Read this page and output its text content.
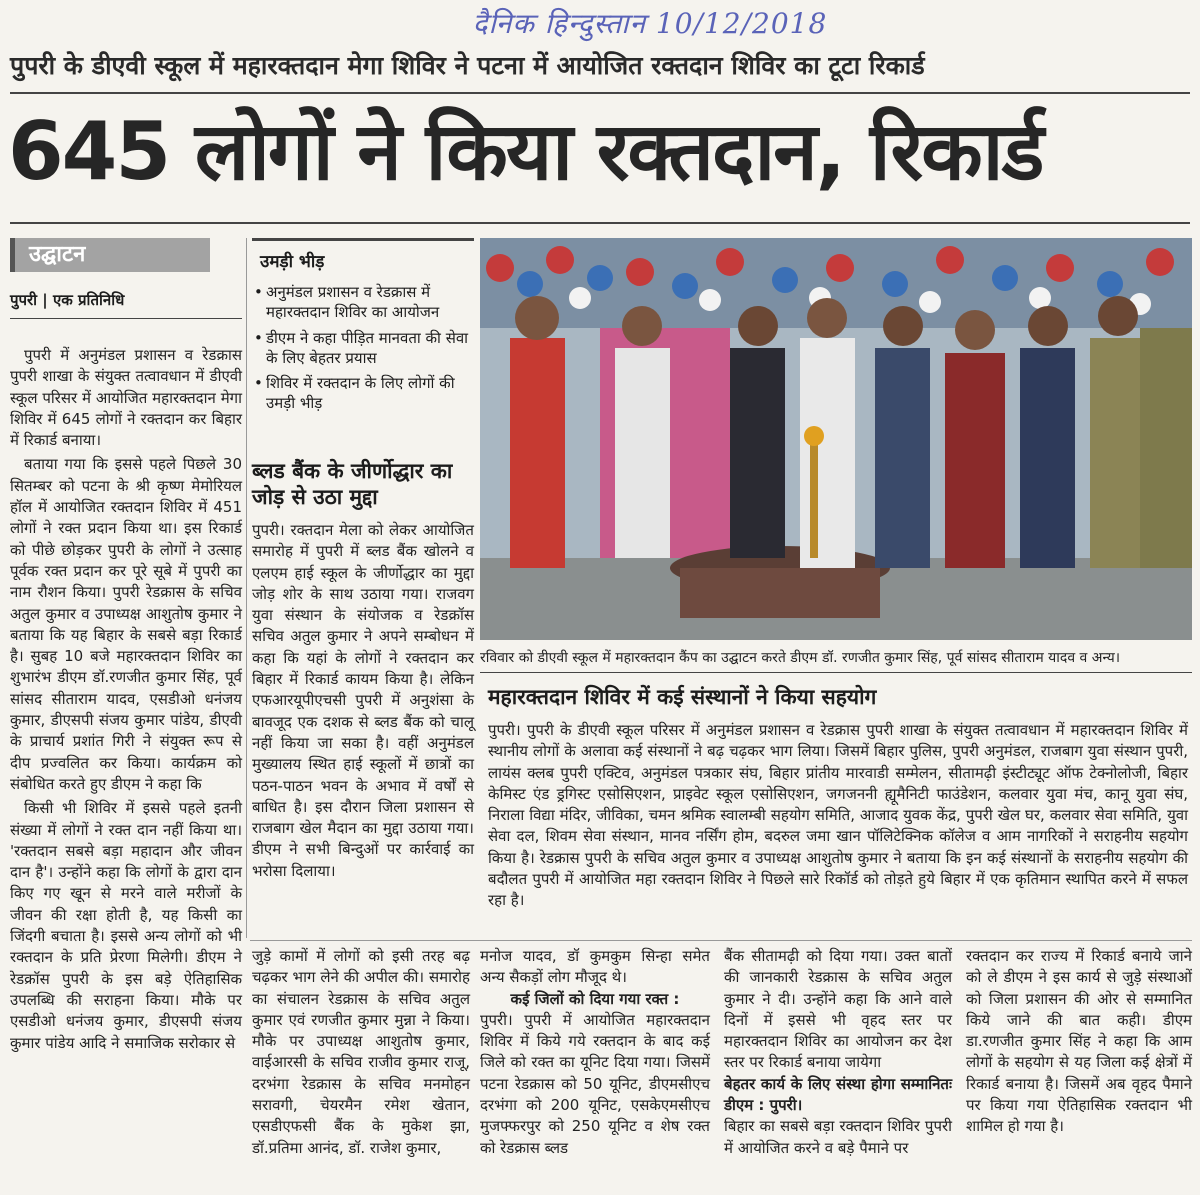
दैनिक हिन्दुस्तान 10/12/2018
पुपरी के डीएवी स्कूल में महारक्तदान मेगा शिविर ने पटना में आयोजित रक्तदान शिविर का टूटा रिकार्ड
645 लोगों ने किया रक्तदान, रिकार्ड
उद्घाटन
पुपरी | एक प्रतिनिधि

पुपरी में अनुमंडल प्रशासन व रेडक्रास पुपरी शाखा के संयुक्त तत्वावधान में डीएवी स्कूल परिसर में आयोजित महारक्तदान मेगा शिविर में 645 लोगों ने रक्तदान कर बिहार में रिकार्ड बनाया।

बताया गया कि इससे पहले पिछले 30 सितम्बर को पटना के श्री कृष्ण मेमोरियल हॉल में आयोजित रक्तदान शिविर में 451 लोगों ने रक्त प्रदान किया था। इस रिकार्ड को पीछे छोड़कर पुपरी के लोगों ने उत्साह पूर्वक रक्त प्रदान कर पूरे सूबे में पुपरी का नाम रौशन किया। पुपरी रेडक्रास के सचिव अतुल कुमार व उपाध्यक्ष आशुतोष कुमार ने बताया कि यह बिहार के सबसे बड़ा रिकार्ड है। सुबह 10 बजे महारक्तदान शिविर का शुभारंभ डीएम डॉ.रणजीत कुमार सिंह, पूर्व सांसद सीताराम यादव, एसडीओ धनंजय कुमार, डीएसपी संजय कुमार पांडेय, डीएवी के प्राचार्य प्रशांत गिरी ने संयुक्त रूप से दीप प्रज्वलित कर किया। कार्यक्रम को संबोधित करते हुए डीएम ने कहा कि

किसी भी शिविर में इससे पहले इतनी संख्या में लोगों ने रक्त दान नहीं किया था। 'रक्तदान सबसे बड़ा महादान और जीवन दान है'। उन्होंने कहा कि लोगों के द्वारा दान किए गए खून से मरने वाले मरीजों के जीवन की रक्षा होती है, यह किसी का जिंदगी बचाता है। इससे अन्य लोगों को भी रक्तदान के प्रति प्रेरणा मिलेगी। डीएम ने रेडक्रॉस पुपरी के इस बड़े ऐतिहासिक उपलब्धि की सराहना किया। मौके पर एसडीओ धनंजय कुमार, डीएसपी संजय कुमार पांडेय आदि ने समाजिक सरोकार से

उमड़ी भीड़
• अनुमंडल प्रशासन व रेडक्रास में महारक्तदान शिविर का आयोजन
• डीएम ने कहा पीड़ित मानवता की सेवा के लिए बेहतर प्रयास
• शिविर में रक्तदान के लिए लोगों की उमड़ी भीड़
ब्लड बैंक के जीर्णोद्धार का जोड़ से उठा मुद्दा
पुपरी। रक्तदान मेला को लेकर आयोजित समारोह में पुपरी में ब्लड बैंक खोलने व एलएम हाई स्कूल के जीर्णोद्धार का मुद्दा जोड़ शोर के साथ उठाया गया। राजवग युवा संस्थान के संयोजक व रेडक्रॉस सचिव अतुल कुमार ने अपने सम्बोधन में कहा कि यहां के लोगों ने रक्तदान कर बिहार में रिकार्ड कायम किया है। लेकिन एफआरयूपीएचसी पुपरी में अनुशंसा के बावजूद एक दशक से ब्लड बैंक को चालू नहीं किया जा सका है। वहीं अनुमंडल मुख्यालय स्थित हाई स्कूलों में छात्रों का पठन-पाठन भवन के अभाव में वर्षों से बाधित है। इस दौरान जिला प्रशासन से राजबाग खेल मैदान का मुद्दा उठाया गया। डीएम ने सभी बिन्दुओं पर कार्रवाई का भरोसा दिलाया।
रविवार को डीएवी स्कूल में महारक्तदान कैंप का उद्घाटन करते डीएम डॉ. रणजीत कुमार सिंह, पूर्व सांसद सीताराम यादव व अन्य।
महारक्तदान शिविर में कई संस्थानों ने किया सहयोग
पुपरी। पुपरी के डीएवी स्कूल परिसर में अनुमंडल प्रशासन व रेडक्रास पुपरी शाखा के संयुक्त तत्वावधान में महारक्तदान शिविर में स्थानीय लोगों के अलावा कई संस्थानों ने बढ़ चढ़कर भाग लिया। जिसमें बिहार पुलिस, पुपरी अनुमंडल, राजबाग युवा संस्थान पुपरी, लायंस क्लब पुपरी एक्टिव, अनुमंडल पत्रकार संघ, बिहार प्रांतीय मारवाडी सम्मेलन, सीतामढ़ी इंस्टीट्यूट ऑफ टेक्नोलोजी, बिहार केमिस्ट एंड ड्रगिस्ट एसोसिएशन, प्राइवेट स्कूल एसोसिएशन, जगजननी ह्यूमैनिटी फाउंडेशन, कलवार युवा मंच, कानू युवा संघ, निराला विद्या मंदिर, जीविका, चमन श्रमिक स्वालम्बी सहयोग समिति, आजाद युवक केंद्र, पुपरी खेल घर, कलवार सेवा समिति, युवा सेवा दल, शिवम सेवा संस्थान, मानव नर्सिंग होम, बदरुल जमा खान पॉलिटेक्निक कॉलेज व आम नागरिकों ने सराहनीय सहयोग किया है। रेडक्रास पुपरी के सचिव अतुल कुमार व उपाध्यक्ष आशुतोष कुमार ने बताया कि इन कई संस्थानों के सराहनीय सहयोग की बदौलत पुपरी में आयोजित महा रक्तदान शिविर ने पिछले सारे रिकॉर्ड को तोड़ते हुये बिहार में एक कृतिमान स्थापित करने में सफल रहा है।
जुड़े कामों में लोगों को इसी तरह बढ़ चढ़कर भाग लेने की अपील की। समारोह का संचालन रेडक्रास के सचिव अतुल कुमार एवं रणजीत कुमार मुन्ना ने किया। मौके पर उपाध्यक्ष आशुतोष कुमार, वाईआरसी के सचिव राजीव कुमार राजू, दरभंगा रेडक्रास के सचिव मनमोहन सरावगी, चेयरमैन रमेश खेतान, एसडीएफसी बैंक के मुकेश झा, डॉ.प्रतिमा आनंद, डॉ. राजेश कुमार,
मनोज यादव, डॉ कुमकुम सिन्हा समेत अन्य सैकड़ों लोग मौजूद थे।
कई जिलों को दिया गया रक्त :
पुपरी। पुपरी में आयोजित महारक्तदान शिविर में किये गये रक्तदान के बाद कई जिले को रक्त का यूनिट दिया गया। जिसमें पटना रेडक्रास को 50 यूनिट, डीएमसीएच दरभंगा को 200 यूनिट, एसकेएमसीएच मुजफ्फरपुर को 250 यूनिट व शेष रक्त को रेडक्रास ब्लड
बैंक सीतामढ़ी को दिया गया। उक्त बातों की जानकारी रेडक्रास के सचिव अतुल कुमार ने दी। उन्होंने कहा कि आने वाले दिनों में इससे भी वृहद स्तर पर महारक्तदान शिविर का आयोजन कर देश स्तर पर रिकार्ड बनाया जायेगा
बेहतर कार्य के लिए संस्था होगा सम्मानितः डीएम : पुपरी।
बिहार का सबसे बड़ा रक्तदान शिविर पुपरी में आयोजित करने व बड़े पैमाने पर
रक्तदान कर राज्य में रिकार्ड बनाये जाने को ले डीएम ने इस कार्य से जुड़े संस्थाओं को जिला प्रशासन की ओर से सम्मानित किये जाने की बात कही। डीएम डा.रणजीत कुमार सिंह ने कहा कि आम लोगों के सहयोग से यह जिला कई क्षेत्रों में रिकार्ड बनाया है। जिसमें अब वृहद पैमाने पर किया गया ऐतिहासिक रक्तदान भी शामिल हो गया है।
